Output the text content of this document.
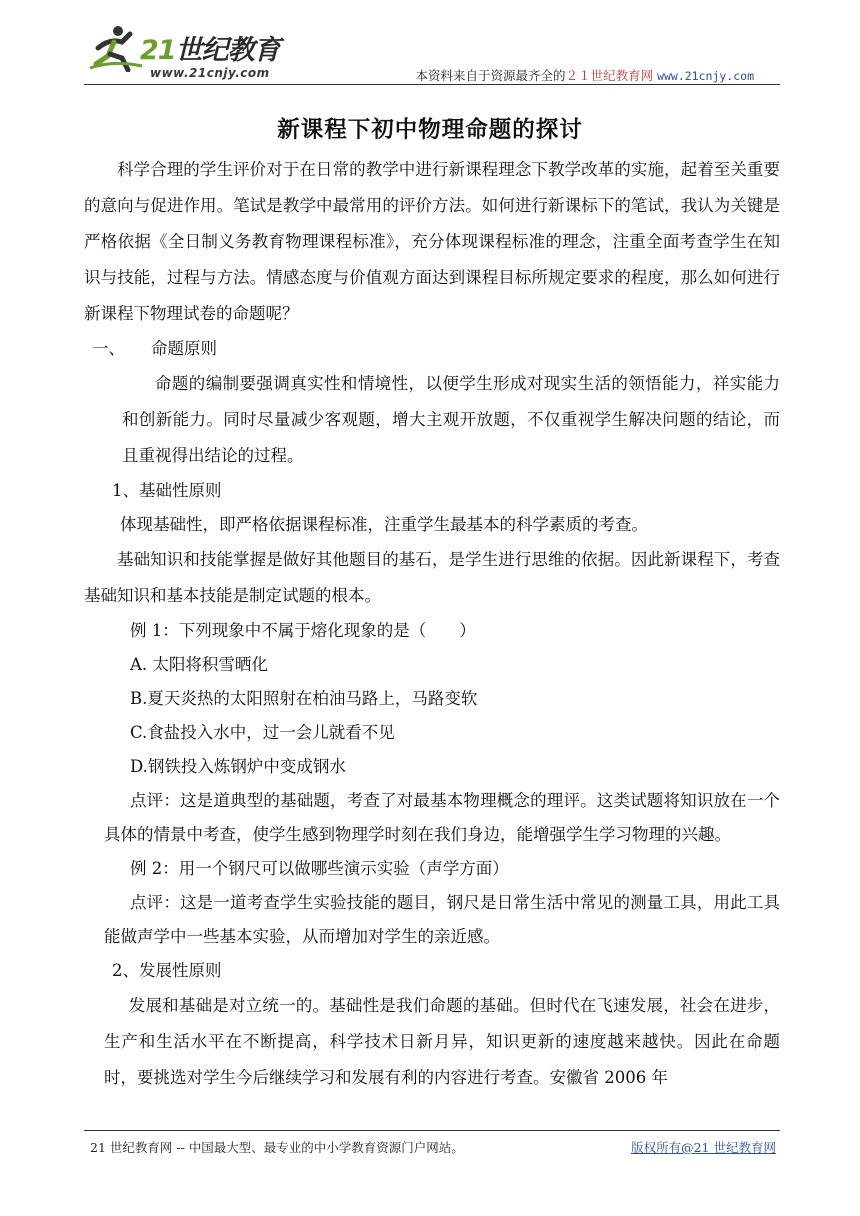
21世纪教育
www.21cnjy.com	本资料来自于资源最齐全的２１世纪教育网 www.21cnjy.com
新课程下初中物理命题的探讨

科学合理的学生评价对于在日常的教学中进行新课程理念下教学改革的实施，起着至关重要的意向与促进作用。笔试是教学中最常用的评价方法。如何进行新课标下的笔试，我认为关键是严格依据《全日制义务教育物理课程标准》，充分体现课程标准的理念，注重全面考查学生在知识与技能，过程与方法。情感态度与价值观方面达到课程目标所规定要求的程度，那么如何进行新课程下物理试卷的命题呢？

一、 命题原则

命题的编制要强调真实性和情境性，以便学生形成对现实生活的领悟能力，祥实能力和创新能力。同时尽量减少客观题，增大主观开放题，不仅重视学生解决问题的结论，而且重视得出结论的过程。

1、基础性原则

体现基础性，即严格依据课程标准，注重学生最基本的科学素质的考查。

基础知识和技能掌握是做好其他题目的基石，是学生进行思维的依据。因此新课程下，考查基础知识和基本技能是制定试题的根本。

例 1：下列现象中不属于熔化现象的是（　　）

A. 太阳将积雪晒化

B.夏天炎热的太阳照射在柏油马路上，马路变软

C.食盐投入水中，过一会儿就看不见

D.钢铁投入炼钢炉中变成钢水

点评：这是道典型的基础题，考查了对最基本物理概念的理评。这类试题将知识放在一个具体的情景中考查，使学生感到物理学时刻在我们身边，能增强学生学习物理的兴趣。

例 2：用一个钢尺可以做哪些演示实验（声学方面）

点评：这是一道考查学生实验技能的题目，钢尺是日常生活中常见的测量工具，用此工具能做声学中一些基本实验，从而增加对学生的亲近感。

2、发展性原则

发展和基础是对立统一的。基础性是我们命题的基础。但时代在飞速发展，社会在进步，生产和生活水平在不断提高，科学技术日新月异，知识更新的速度越来越快。因此在命题时，要挑选对学生今后继续学习和发展有利的内容进行考查。安徽省 2006 年

21 世纪教育网 -- 中国最大型、最专业的中小学教育资源门户网站。	版权所有@21 世纪教育网
